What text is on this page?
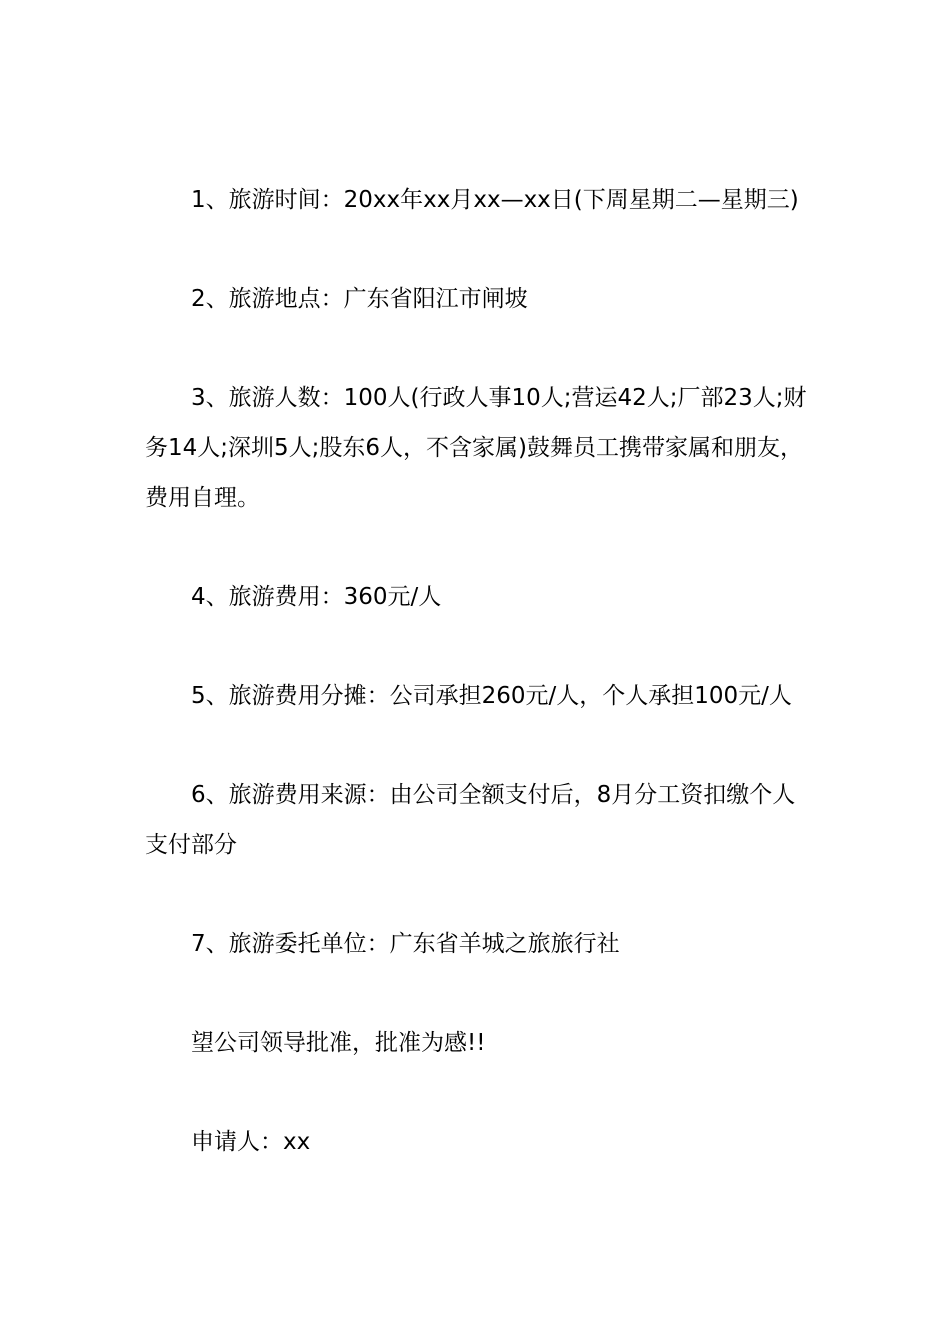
1、旅游时间：20xx年xx月xx—xx日(下周星期二—星期三)

2、旅游地点：广东省阳江市闸坡

3、旅游人数：100人(行政人事10人;营运42人;厂部23人;财务14人;深圳5人;股东6人，不含家属)鼓舞员工携带家属和朋友，费用自理。

4、旅游费用：360元/人

5、旅游费用分摊：公司承担260元/人，个人承担100元/人

6、旅游费用来源：由公司全额支付后，8月分工资扣缴个人支付部分

7、旅游委托单位：广东省羊城之旅旅行社

望公司领导批准，批准为感!!

申请人：xx
